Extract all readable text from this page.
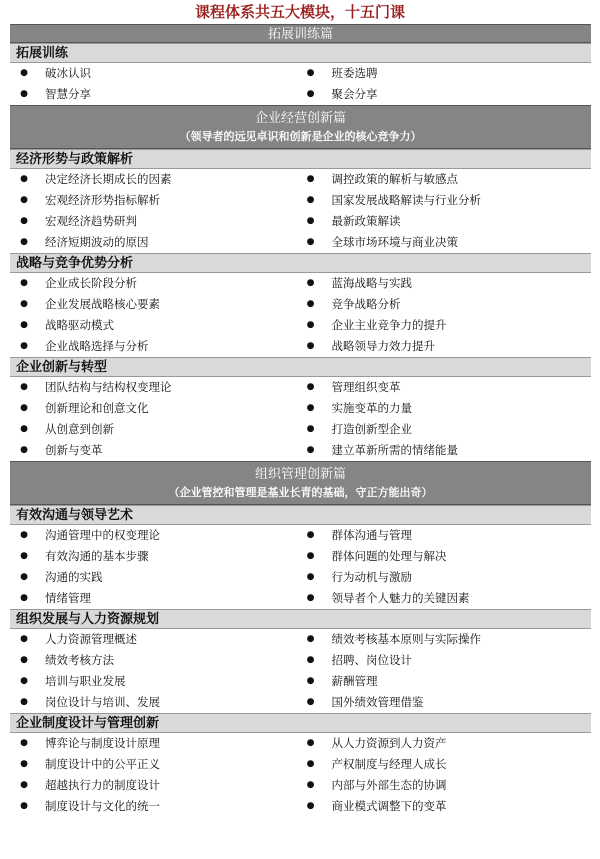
课程体系共五大模块，十五门课
拓展训练篇
拓展训练
●	破冰认识	●	班委选聘
●	智慧分享	●	聚会分享
企业经营创新篇
（领导者的远见卓识和创新是企业的核心竞争力）
经济形势与政策解析
●	决定经济长期成长的因素	●	调控政策的解析与敏感点
●	宏观经济形势指标解析	●	国家发展战略解读与行业分析
●	宏观经济趋势研判	●	最新政策解读
●	经济短期波动的原因	●	全球市场环境与商业决策
战略与竞争优势分析
●	企业成长阶段分析	●	蓝海战略与实践
●	企业发展战略核心要素	●	竞争战略分析
●	战略驱动模式	●	企业主业竞争力的提升
●	企业战略选择与分析	●	战略领导力效力提升
企业创新与转型
●	团队结构与结构权变理论	●	管理组织变革
●	创新理论和创意文化	●	实施变革的力量
●	从创意到创新	●	打造创新型企业
●	创新与变革	●	建立革新所需的情绪能量
组织管理创新篇
（企业管控和管理是基业长青的基础，守正方能出奇）
有效沟通与领导艺术
●	沟通管理中的权变理论	●	群体沟通与管理
●	有效沟通的基本步骤	●	群体问题的处理与解决
●	沟通的实践	●	行为动机与激励
●	情绪管理	●	领导者个人魅力的关键因素
组织发展与人力资源规划
●	人力资源管理概述	●	绩效考核基本原则与实际操作
●	绩效考核方法	●	招聘、岗位设计
●	培训与职业发展	●	薪酬管理
●	岗位设计与培训、发展	●	国外绩效管理借鉴
企业制度设计与管理创新
●	博弈论与制度设计原理	●	从人力资源到人力资产
●	制度设计中的公平正义	●	产权制度与经理人成长
●	超越执行力的制度设计	●	内部与外部生态的协调
●	制度设计与文化的统一	●	商业模式调整下的变革
